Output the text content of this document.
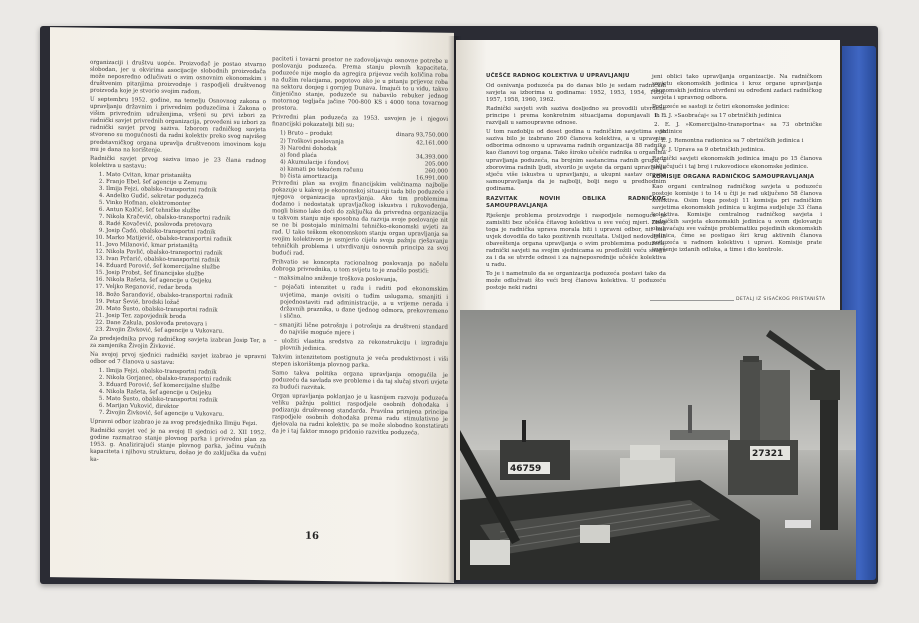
organizaciji i društvu uopće. Proizvodač je postao stvarno slobodan, jer u okvirima asocijacije slobodnih proizvodača može neposredno odlučivati o svim osnovnim ekonomskim i društvenim pitanjima proizvodnje i raspodjeli društvenog proizvoda koje je stvorio svojim radom.

U septembru 1952. godine, na temelju Osnovnog zakona o upravljanju državnim i privrednim poduzećima i Zakona o višim privrednim udruženjima, vršeni su prvi izbori za radnički savjet privrednih organizacija, provedeni su izbori za radnički savjet prvog saziva. Izborom radničkog savjeta stvoreno su mogućnosti da radni kolektiv preko svog najvišeg predstavničkog organa upravlja društvenom imovinom koju mu je dana na korištenje.

Radnički savjet prvog saziva imao je 23 člana radnog kolektiva u sastavu:

1. Mato Cvitan, kmar pristaništa
2. Franjo Ebel, šef agencije u Zemunu
3. Ilmija Fejzi, obalsko-transportni radnik
4. Andelko Gudić, sekretar poduzeća
5. Vinko Hofman, elektromonter
6. Antun Kalčić, šef tehničke službe
7. Nikola Kračević, obalsko-transportni radnik
8. Radé Kovačević, poslovođa pretovara
9. Josip Čadó, obalsko-transportni radnik
10. Marko Matijević, obalsko-transportni radnik
11. Jovo Milanović, kmar pristaništa
12. Nikola Pavlić, obalsko-transportni radnik
13. Ivan Prčarić, obalsko-transportni radnik
14. Eduard Porović, šef komercijalne službe
15. Josip Probst, šef financijske službe
16. Nikola Rašeta, šef agencije u Osijeku
17. Veljko Reganović, redar broda
18. Božo Šarandović, obalsko-transportni radnik
19. Petar Ševié, brodski ložač
20. Mato Šusto, obalsko-transportni radnik
21. Josip Ter, zapovjednik broda
22. Dane Zakula, poslovođa pretovara i
23. Živojin Živković, šef agencije u Vukovaru.

Za predsjednika prvog radničkog savjeta izabran Josip Ter, a za zamjenika Živojin Živković.

Na svojoj prvoj sjednici radnički savjet izabrao je upravni odbor od 7 članova u sastavu:

1. Ilmija Fejzi, obalsko-transportni radnik
2. Nikola Gorjanec, obalsko-transportni radnik
3. Eduard Porović, šef komercijalne službe
4. Nikola Rašeta, šef agencije u Osijeku
5. Mato Šusto, obalsko-transportni radnik
6. Marijan Vuković, direktor
7. Živojin Živković, šef agencije u Vukovaru.

Upravni odbor izabrao je za svog predsjednika Ilmiju Fejzi.

Radnički savjet već je na svojoj II sjednici od 2. XII 1952. godine razmatrao stanje plovnog parka i privredni plan za 1953. g. Analizirajući stanje plovnog parka, jačinu vučnih kapaciteta i njihovu strukturu, došao je do zaključka da vučni ka-

paciteti i tovarni prostor ne zadovoljavaju osnovne potrebe u poslovanju poduzeća. Prema stanju plovnih kapaciteta, poduzeće nije moglo da agregira prijevoz većih količina roba na dužim relacijama, pogotovo ako je u pitanju prijevoz roba na sektoru donjeg i gornjeg Dunava. Imajući to u vidu, takvo činjenično stanje, poduzeće su nabavilo rebuker jednog motornog tegljača jačine 700-800 KS i 4000 tona tovarnog prostora.

Privredni plan poduzeća za 1953. usvojen je i njegovi financijski pokazatelji bili su:

1) Bruto – produkt	dinara 93,750.000
2) Troškovi poslovanja	42,161.000
3) Narodni dohodak
a) fond plaća	34,393.000
4) Akumulacije i fondovi	205.000
a) kamati po tekućem računu	260.000
b) čista amortizacija	16,991.000

Privredni plan sa svojim financijskim veličinama najbolje pokazuje u kakvoj je ekonomskoj situaciji tada bilo poduzeće i njegova organizacija upravljanja. Ako tim problemima dodamo i nedostatak upravljačkog iskustva i rukovođenja, mogli bismo lako doći do zaključka da privredna organizacija u takvom stanju nije sposobna da razvija svoje poslovanje nit se ne bi postojalo minimalni tehničko-ekonomski uvjeti za rad. U tako teškom ekonomskom stanju organ upravljanja sa svojim kolektivom je usmjerio cijelu svoju pažnju rješavanju tehničkih problema i utvrdivanju osnovnih principa za svoj budući rad.

Prihvatio se koncepta racionalnog poslovanja po načelu dobroga privrednika, u tom svijetu to je značilo postići:

– maksimalno sniženje troškova poslovanja,

– pojačati intenzitet u radu i raditi pod ekonomskim uvjetima, manje ovisiti o tuđim uslugama, smanjiti i pojednostaviti rad administracije, a u vrijeme nerada i državnih praznika, u dane tjednog odmora, prekovremeno i slično.

– smanjiti lične potrošnju i potrošnju za društveni standard do najviše moguće mjere i

– uložiti vlastita sredstva za rekonstrukciju i izgradnju plovnih jedinica.

Takvim intenzitetom postignuta je veća produktivnost i viši stepen iskorištenja plovnog parka.

Samo takva politika organa upravljanja omogućila je poduzeću da savlada sve probleme i da taj slučaj stvori uvjete za budući razvitak.

Organ upravljanja poklanjao je u kasnijem razvoju poduzeća veliku pažnju politici raspodjele osobnih dohodaka i podizanju društvenog standarda. Pravilna primjena principa raspodjele osobnih dohodaka prema radu stimulativno je djelovala na radni kolektiv, pa se može slobodno konstatirati da je i taj faktor mnogo pridonio razvitku poduzeća.

16
UČEŠĆE RADNOG KOLEKTIVA U UPRAVLJANJU

Od osnivanja poduzeća pa do danas bilo je sedam radničkih savjeta sa izborima u godinama: 1952, 1953, 1954, 1956, 1957, 1958, 1960, 1962.

Radnički savjeti svih saziva dosljedno su provodili utvrđene principe i prema konkretnim situacijama dopunjavali ih i razvijali u samoupravne odnose.

U tom razdoblju od deset godina u radničkim savjetima svih saziva bilo je izabrano 260 članova kolektiva, a u upravnim odborima odnosno u upravama radnih organizacija 88 radnika kao članovi tog organa. Tako široko učešće radnika u organima upravljanja poduzeća, na brojnim sastancima radnih grupa, u zborovima radnih ljudi, stvorilo je uvjete da organi upravljanja stječu više iskustva u upravljanju, a ukupni sastav organa samoupravljanja da je najbolji, bolji nego u predhodnim godinama.

RAZVITAK NOVIH OBLIKA RADNIČKOG SAMOUPRAVLJANJA

Rješenje problema proizvodnje i raspodjele nemoguće je zamisliti bez učešća čitavog kolektiva u sve većoj mjeri. Zbog toga je radnička uprava morala biti i upravni odbor, nit ona uvjek dovodila do tako pozitivnih rezultata. Uslijed nedovoljnih obaveštenja organa upravljanja o svim problemima poduzeća, radnički savjeti na svojim sjednicama su predložili veću snagu za i da se utvrde odnosi i za najneposrednije učešće kolektiva u radu.

To je i nametnulo da se organizacija poduzeća postavi tako da može odlučivati što veći broj članova kolektiva. U poduzeću postoje neki radni

jeni oblici tako upravljanja organizacije. Na radničkom savjetu ekonomskih jedinica i kroz organe upravljanja ekonomskih jedinica utvrđeni su određeni zadaci radničkog savjeta i upravnog odbora.

Poduzeće se sastoji iz četiri ekonomske jedinice:

1. E. J. »Saobraćaj« sa 17 obrtničkih jedinica

2. E. J. »Komercijalno-transportna« sa 73 obrtničke jedinice

3. E. J. Remontna radionica sa 7 obrtničkih jedinica i

4. E. J. Uprava sa 9 obrtničkih jedinica.

Radnički savjeti ekonomskih jedinica imaju po 15 članova uključujući i taj broj i rukovodioce ekonomske jedinice.

KOMISIJE ORGANA RADNIČKOG SAMOUPRAVLJANJA

Kao organi centralnog radničkog savjeta u poduzeću postoje komisije i to 14 u čiji je rad uključeno 58 članova kolektiva. Osim toga postoji 11 komisija pri radničkim savjetima ekonomskih jedinica u kojima sudjeluje 33 člana kolektiva. Komisije centralnog radničkog savjeta i radničkih savjeta ekonomskih jedinica u svom djelovanju obuhvaćaju sve važnije problematiku pojedinih ekonomskih jedinica, čime se postigao širi krug aktivnih članova poduzeća u radnom kolektivu i upravi. Komisije prate izvršenje izdanih odluka, a time i dio kontrole.

DETALJ IZ SISAČKOG PRISTANIŠTA
46759
27321
